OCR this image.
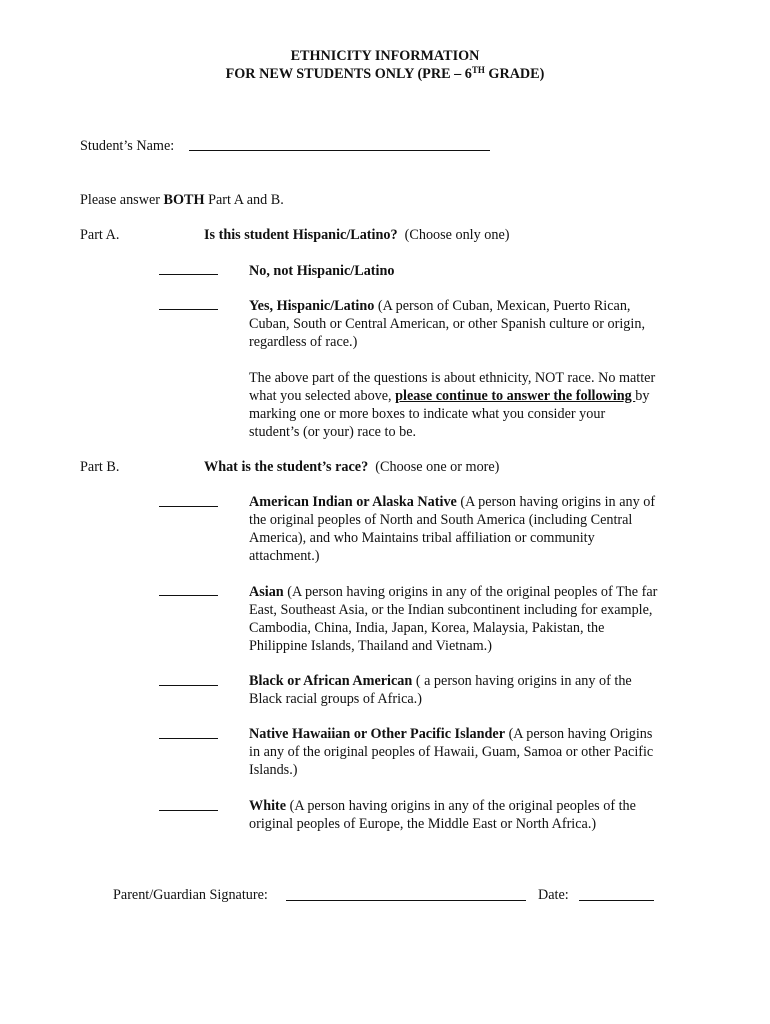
ETHNICITY INFORMATION
FOR NEW STUDENTS ONLY (PRE – 6TH GRADE)
Student’s Name:
Please answer BOTH Part A and B.
Part A.	Is this student Hispanic/Latino?  (Choose only one)
No, not Hispanic/Latino
Yes, Hispanic/Latino (A person of Cuban, Mexican, Puerto Rican, Cuban, South or Central American, or other Spanish culture or origin, regardless of race.)
The above part of the questions is about ethnicity, NOT race. No matter what you selected above, please continue to answer the following by marking one or more boxes to indicate what you consider your student’s (or your) race to be.
Part B.	What is the student’s race?  (Choose one or more)
American Indian or Alaska Native (A person having origins in any of the original peoples of North and South America (including Central America), and who Maintains tribal affiliation or community attachment.)
Asian (A person having origins in any of the original peoples of The far East, Southeast Asia, or the Indian subcontinent including for example, Cambodia, China, India, Japan, Korea, Malaysia, Pakistan, the Philippine Islands, Thailand and Vietnam.)
Black or African American ( a person having origins in any of the Black racial groups of Africa.)
Native Hawaiian or Other Pacific Islander (A person having Origins in any of the original peoples of Hawaii, Guam, Samoa or other Pacific Islands.)
White (A person having origins in any of the original peoples of the original peoples of Europe, the Middle East or North Africa.)
Parent/Guardian Signature:	Date:
